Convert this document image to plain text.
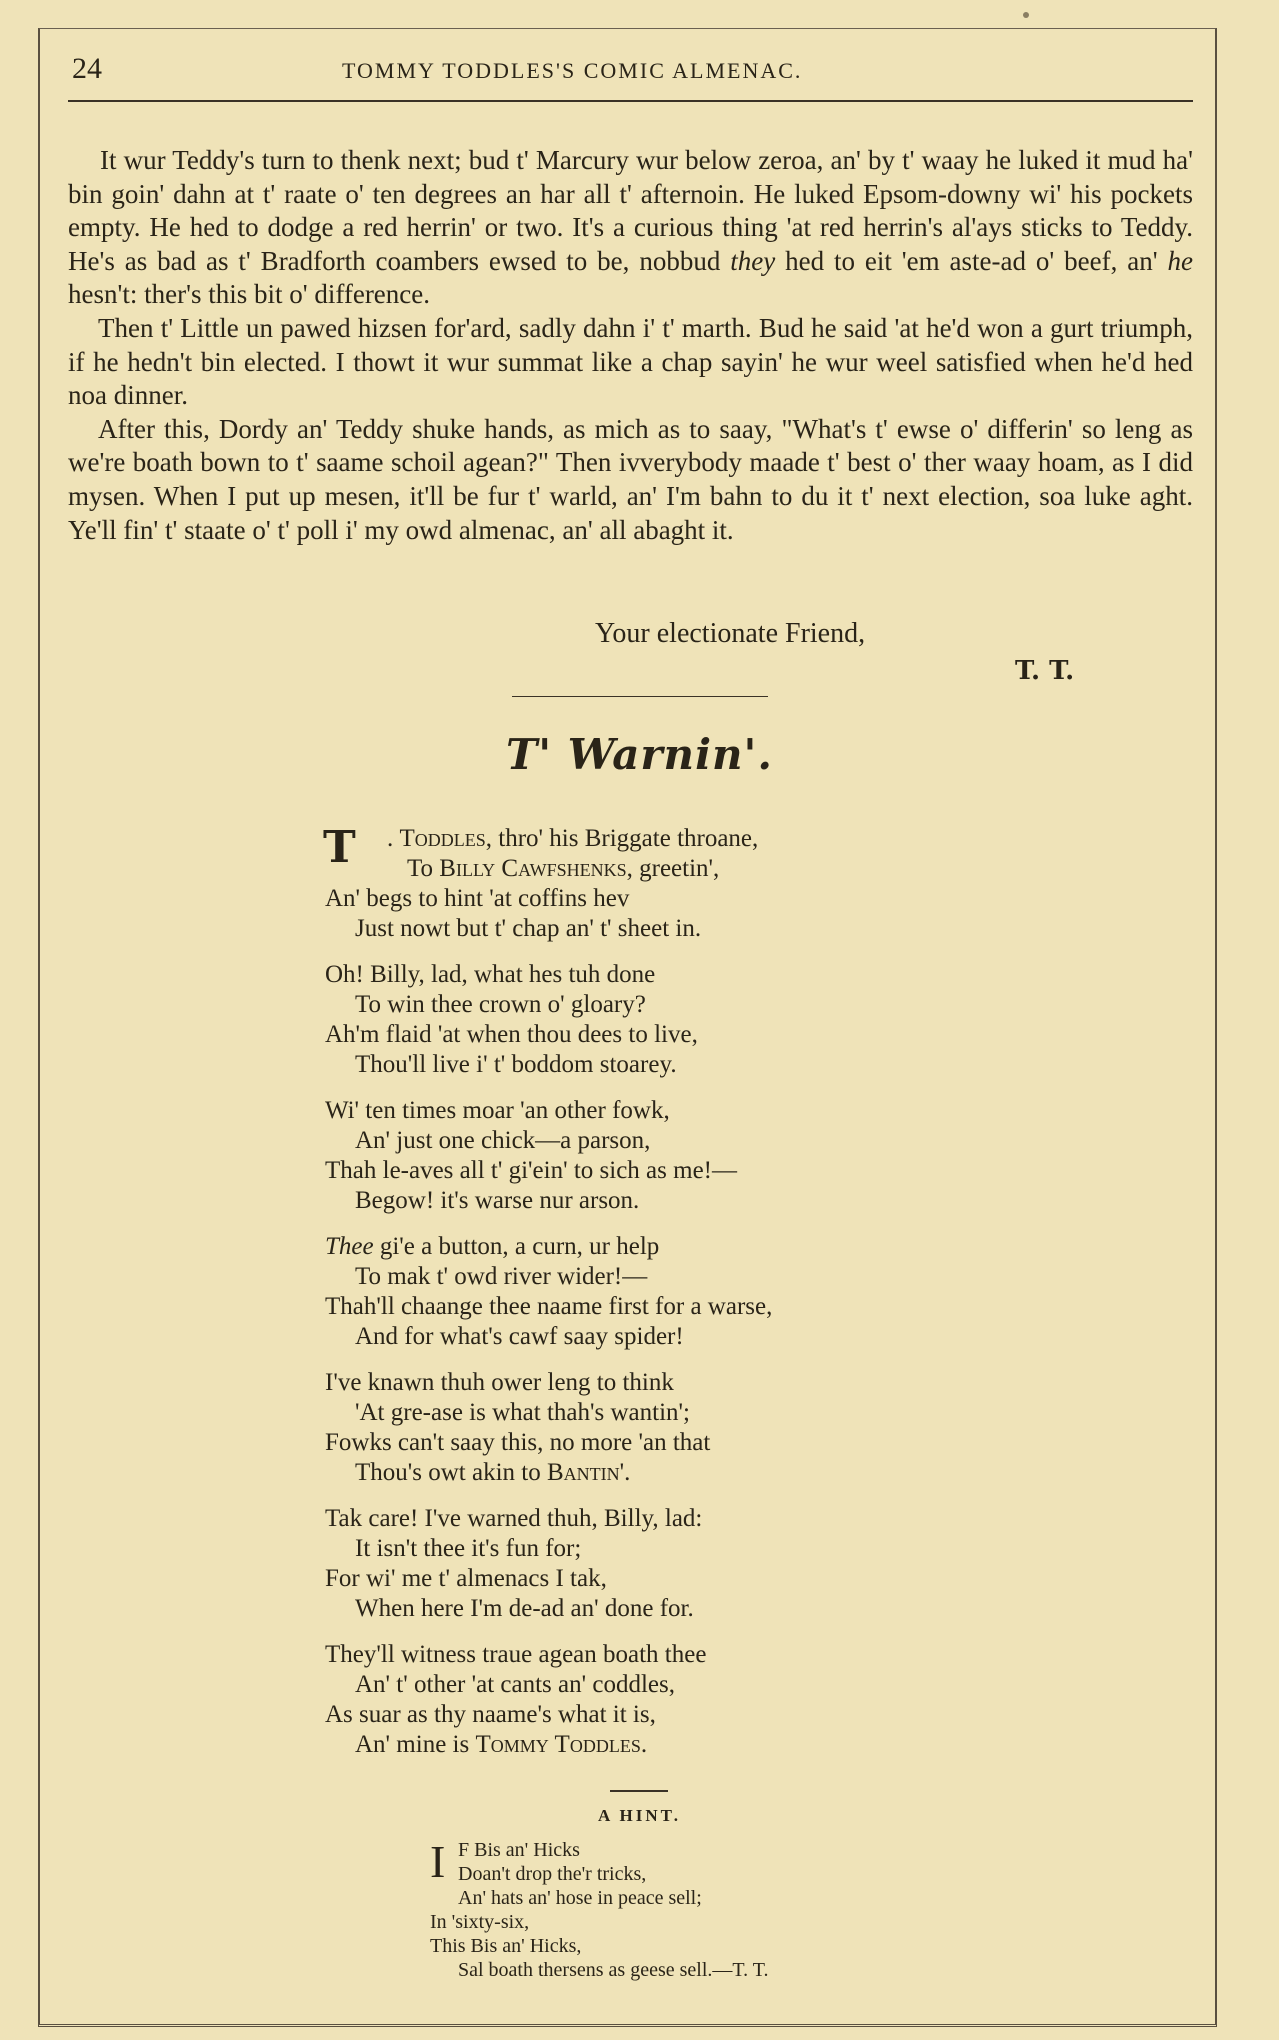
24	TOMMY TODDLES'S COMIC ALMENAC.

It wur Teddy's turn to thenk next; bud t' Marcury wur below zeroa, an' by t' waay he luked it mud ha' bin goin' dahn at t' raate o' ten degrees an har all t' afternoin. He luked Epsom-downy wi' his pockets empty. He hed to dodge a red herrin' or two. It's a curious thing 'at red herrin's al'ays sticks to Teddy. He's as bad as t' Bradforth coambers ewsed to be, nobbud they hed to eit 'em aste-ad o' beef, an' he hesn't: ther's this bit o' difference.

Then t' Little un pawed hizsen for'ard, sadly dahn i' t' marth. Bud he said 'at he'd won a gurt triumph, if he hedn't bin elected. I thowt it wur summat like a chap sayin' he wur weel satisfied when he'd hed noa dinner.

After this, Dordy an' Teddy shuke hands, as mich as to saay, "What's t' ewse o' differin' so leng as we're boath bown to t' saame schoil agean?" Then ivverybody maade t' best o' ther waay hoam, as I did mysen. When I put up mesen, it'll be fur t' warld, an' I'm bahn to du it t' next election, soa luke aght. Ye'll fin' t' staate o' t' poll i' my owd almenac, an' all abaght it.

Your electionate Friend,
T. T.
T' Warnin'.
T	. Toddles, thro' his Briggate throane,
To Billy Cawfshenks, greetin',
An' begs to hint 'at coffins hev
Just nowt but t' chap an' t' sheet in.
Oh! Billy, lad, what hes tuh done
To win thee crown o' gloary?
Ah'm flaid 'at when thou dees to live,
Thou'll live i' t' boddom stoarey.
Wi' ten times moar 'an other fowk,
An' just one chick—a parson,
Thah le-aves all t' gi'ein' to sich as me!—
Begow! it's warse nur arson.
Thee gi'e a button, a curn, ur help
To mak t' owd river wider!—
Thah'll chaange thee naame first for a warse,
And for what's cawf saay spider!
I've knawn thuh ower leng to think
'At gre-ase is what thah's wantin';
Fowks can't saay this, no more 'an that
Thou's owt akin to Bantin'.
Tak care! I've warned thuh, Billy, lad:
It isn't thee it's fun for;
For wi' me t' almenacs I tak,
When here I'm de-ad an' done for.
They'll witness traue agean boath thee
An' t' other 'at cants an' coddles,
As suar as thy naame's what it is,
An' mine is Tommy Toddles.
A HINT.
I F Bis an' Hicks
Doan't drop the'r tricks,
An' hats an' hose in peace sell;
In 'sixty-six,
This Bis an' Hicks,
Sal boath thersens as geese sell.—T. T.
